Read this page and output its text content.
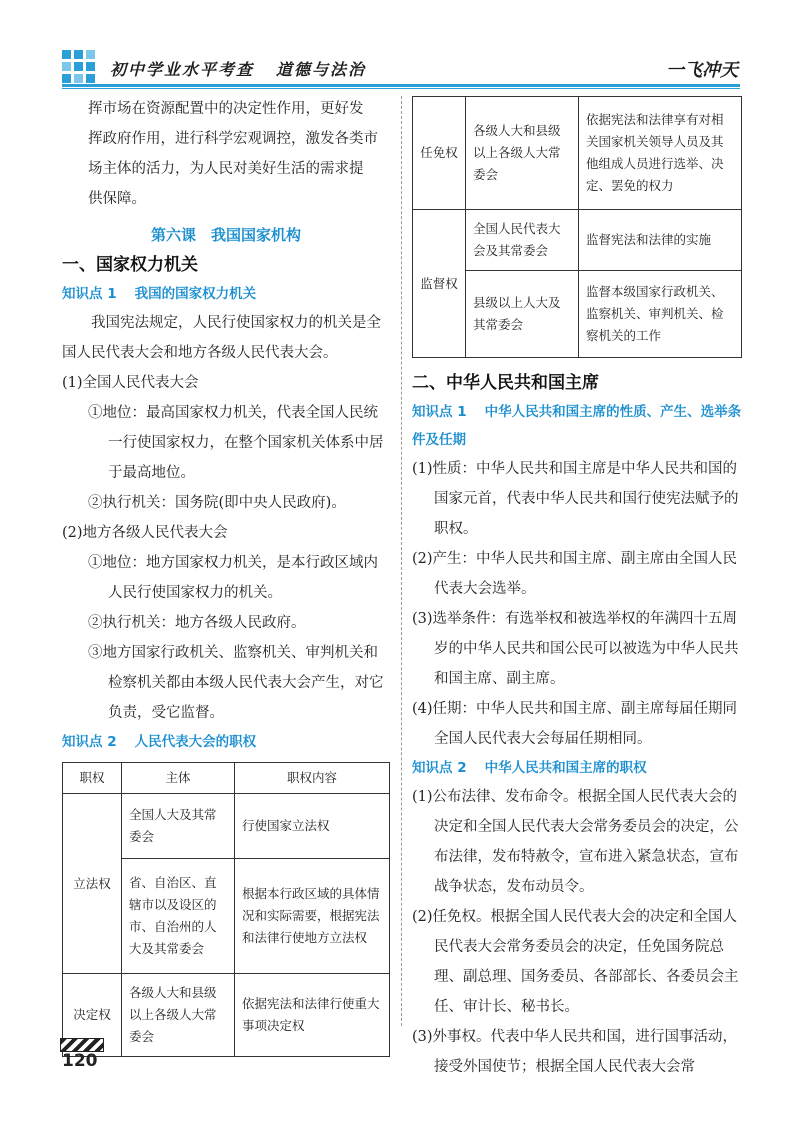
初中学业水平考查 道德与法治	一飞冲天

挥市场在资源配置中的决定性作用，更好发

挥政府作用，进行科学宏观调控，激发各类市

场主体的活力，为人民对美好生活的需求提

供保障。

第六课　我国国家机构
一、国家权力机关
知识点 1 我国的国家权力机关

我国宪法规定，人民行使国家权力的机关是全国人民代表大会和地方各级人民代表大会。

(1)全国人民代表大会

①地位：最高国家权力机关，代表全国人民统一行使国家权力，在整个国家机关体系中居于最高地位。

②执行机关：国务院(即中央人民政府)。

(2)地方各级人民代表大会

①地位：地方国家权力机关，是本行政区域内人民行使国家权力的机关。

②执行机关：地方各级人民政府。

③地方国家行政机关、监察机关、审判机关和检察机关都由本级人民代表大会产生，对它负责，受它监督。

知识点 2 人民代表大会的职权
职权	主体	职权内容
立法权	全国人大及其常委会	行使国家立法权
	省、自治区、直辖市以及设区的市、自治州的人大及其常委会	根据本行政区域的具体情况和实际需要，根据宪法和法律行使地方立法权
决定权	各级人大和县级以上各级人大常委会	依据宪法和法律行使重大事项决定权
任免权	各级人大和县级以上各级人大常委会	依据宪法和法律享有对相关国家机关领导人员及其他组成人员进行选举、决定、罢免的权力
监督权	全国人民代表大会及其常委会	监督宪法和法律的实施
	县级以上人大及其常委会	监督本级国家行政机关、监察机关、审判机关、检察机关的工作
二、中华人民共和国主席
知识点 1 中华人民共和国主席的性质、产生、选举条件及任期

(1)性质：中华人民共和国主席是中华人民共和国的国家元首，代表中华人民共和国行使宪法赋予的职权。

(2)产生：中华人民共和国主席、副主席由全国人民代表大会选举。

(3)选举条件：有选举权和被选举权的年满四十五周岁的中华人民共和国公民可以被选为中华人民共和国主席、副主席。

(4)任期：中华人民共和国主席、副主席每届任期同全国人民代表大会每届任期相同。

知识点 2 中华人民共和国主席的职权

(1)公布法律、发布命令。根据全国人民代表大会的决定和全国人民代表大会常务委员会的决定，公布法律，发布特赦令，宣布进入紧急状态，宣布战争状态，发布动员令。

(2)任免权。根据全国人民代表大会的决定和全国人民代表大会常务委员会的决定，任免国务院总理、副总理、国务委员、各部部长、各委员会主任、审计长、秘书长。

(3)外事权。代表中华人民共和国，进行国事活动，接受外国使节；根据全国人民代表大会常

120
